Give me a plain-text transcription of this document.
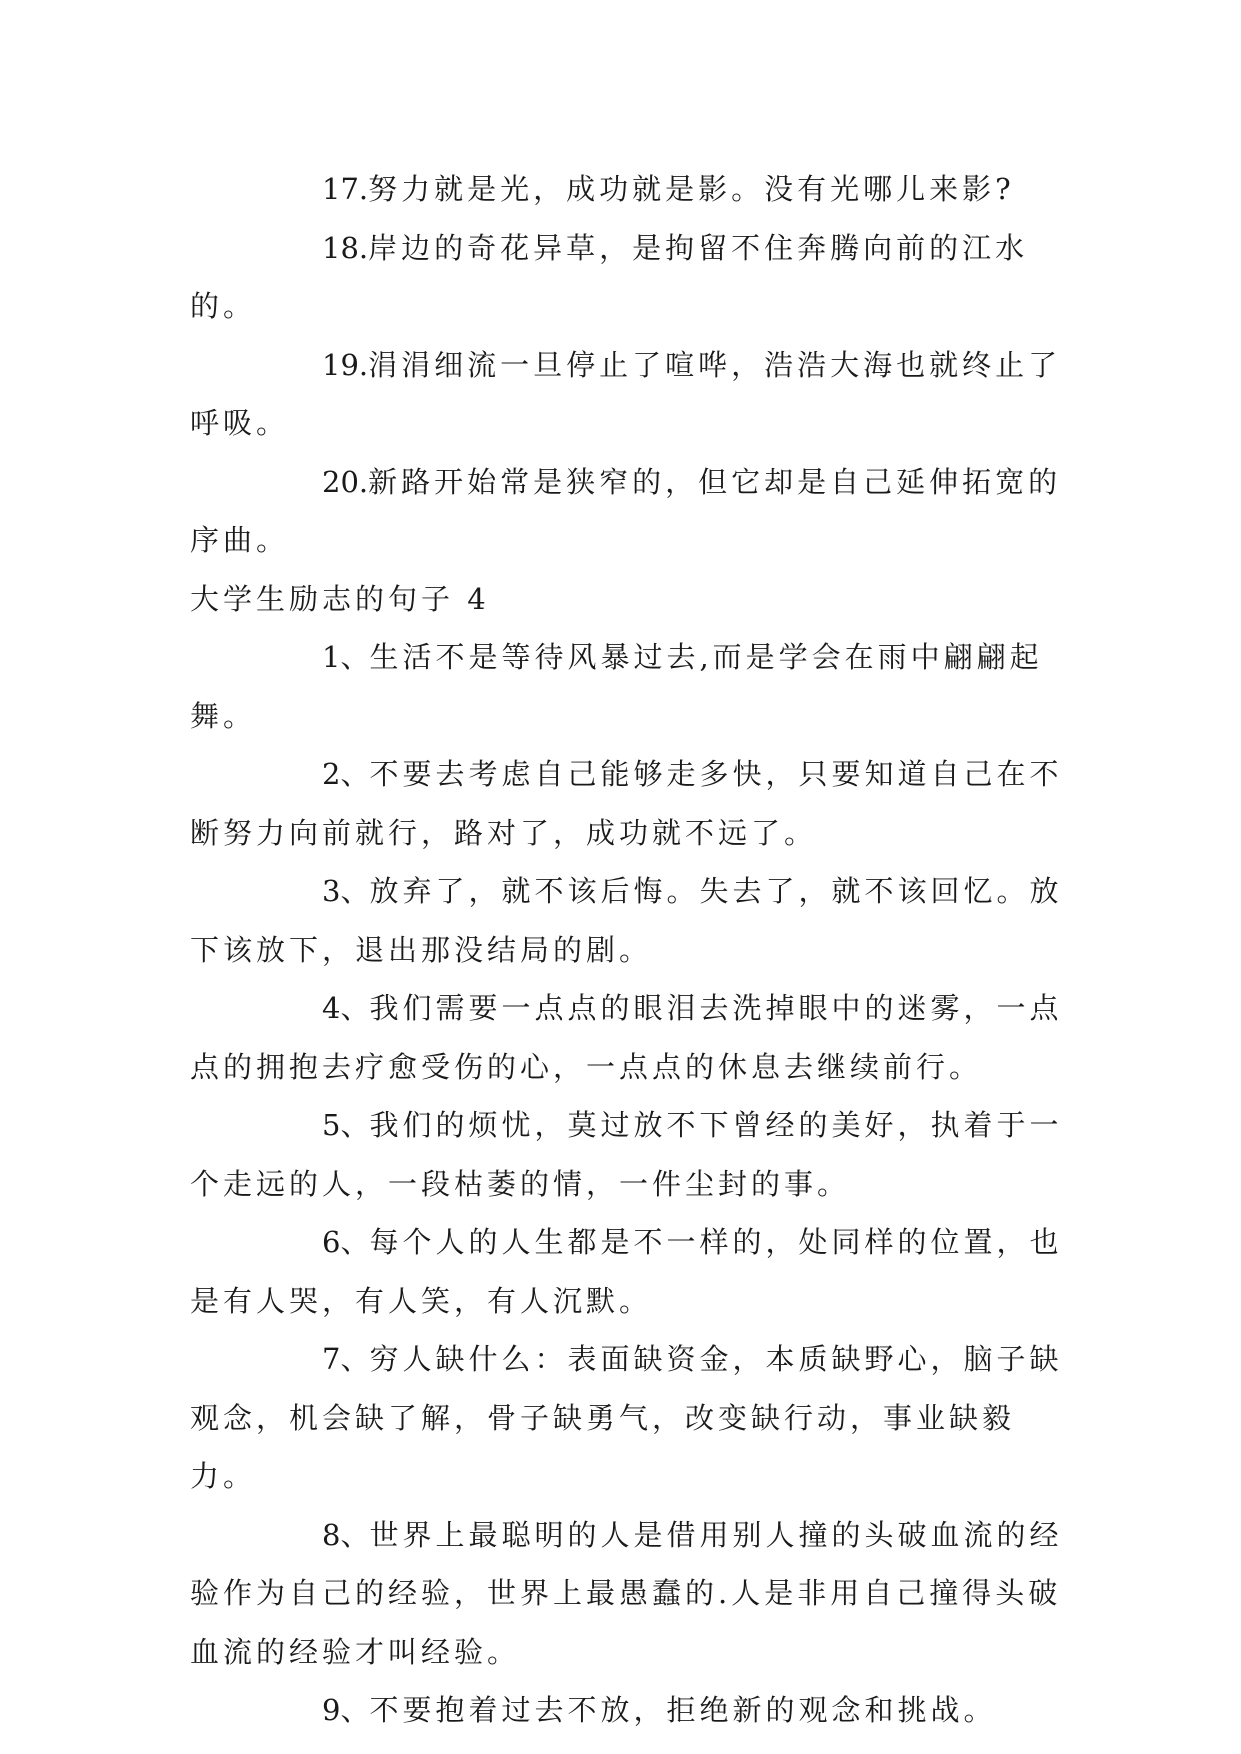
17.努力就是光，成功就是影。没有光哪儿来影?

18.岸边的奇花异草，是拘留不住奔腾向前的江水的。

19.涓涓细流一旦停止了喧哗，浩浩大海也就终止了呼吸。

20.新路开始常是狭窄的，但它却是自己延伸拓宽的序曲。

大学生励志的句子 4

1、生活不是等待风暴过去,而是学会在雨中翩翩起舞。

2、不要去考虑自己能够走多快，只要知道自己在不断努力向前就行，路对了，成功就不远了。

3、放弃了，就不该后悔。失去了，就不该回忆。放下该放下，退出那没结局的剧。

4、我们需要一点点的眼泪去洗掉眼中的迷雾，一点点的拥抱去疗愈受伤的心，一点点的休息去继续前行。

5、我们的烦忧，莫过放不下曾经的美好，执着于一个走远的人，一段枯萎的情，一件尘封的事。

6、每个人的人生都是不一样的，处同样的位置，也是有人哭，有人笑，有人沉默。

7、穷人缺什么：表面缺资金，本质缺野心，脑子缺观念，机会缺了解，骨子缺勇气，改变缺行动，事业缺毅力。

8、世界上最聪明的人是借用别人撞的头破血流的经验作为自己的经验，世界上最愚蠢的.人是非用自己撞得头破血流的经验才叫经验。

9、不要抱着过去不放，拒绝新的观念和挑战。
